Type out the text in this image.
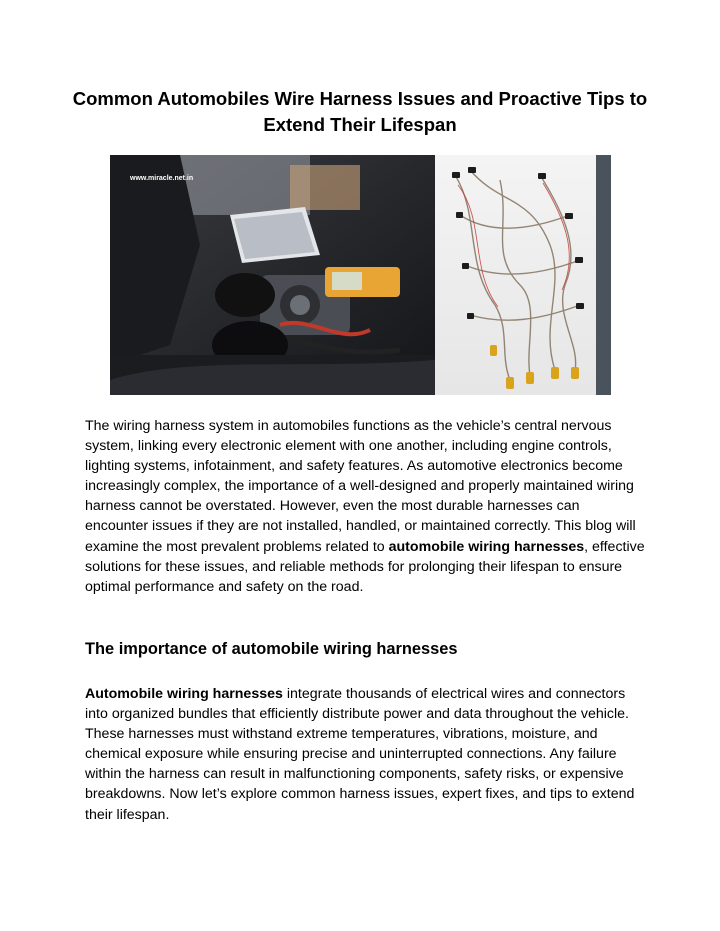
Common Automobiles Wire Harness Issues and Proactive Tips to Extend Their Lifespan
www.miracle.net.in

The wiring harness system in automobiles functions as the vehicle’s central nervous system, linking every electronic element with one another, including engine controls, lighting systems, infotainment, and safety features. As automotive electronics become increasingly complex, the importance of a well-designed and properly maintained wiring harness cannot be overstated. However, even the most durable harnesses can encounter issues if they are not installed, handled, or maintained correctly. This blog will examine the most prevalent problems related to automobile wiring harnesses, effective solutions for these issues, and reliable methods for prolonging their lifespan to ensure optimal performance and safety on the road.

The importance of automobile wiring harnesses

Automobile wiring harnesses integrate thousands of electrical wires and connectors into organized bundles that efficiently distribute power and data throughout the vehicle. These harnesses must withstand extreme temperatures, vibrations, moisture, and chemical exposure while ensuring precise and uninterrupted connections. Any failure within the harness can result in malfunctioning components, safety risks, or expensive breakdowns. Now let’s explore common harness issues, expert fixes, and tips to extend their lifespan.
